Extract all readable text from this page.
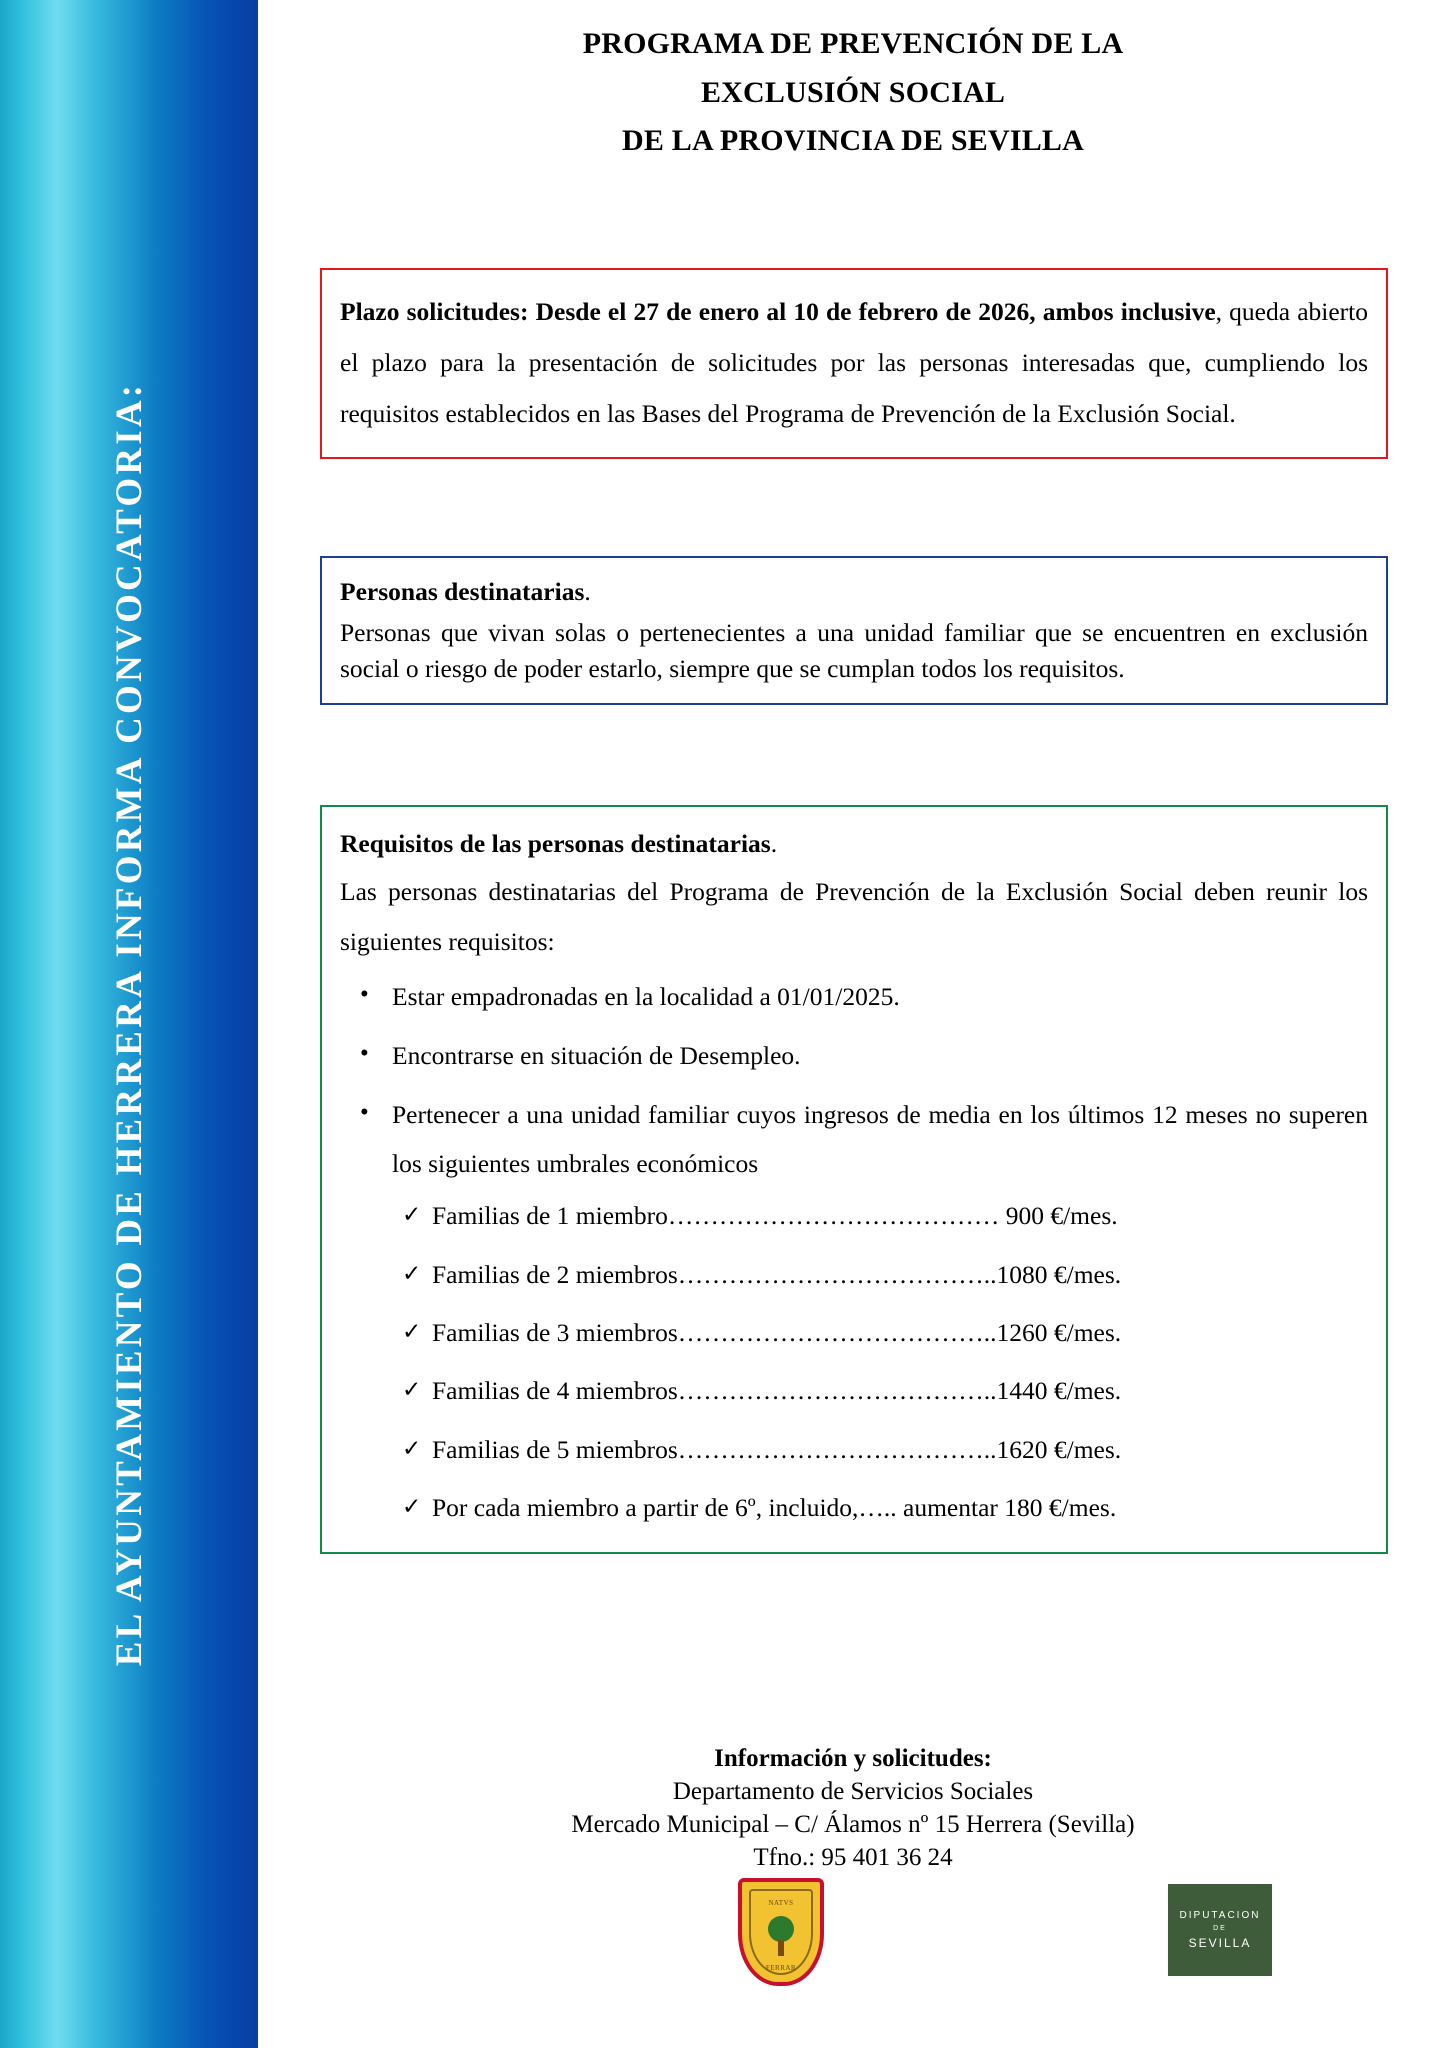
EL AYUNTAMIENTO DE HERRERA INFORMA CONVOCATORIA:
PROGRAMA DE PREVENCIÓN DE LA
EXCLUSIÓN SOCIAL
DE LA PROVINCIA DE SEVILLA

Plazo solicitudes: Desde el 27 de enero al 10 de febrero de 2026, ambos inclusive, queda abierto el plazo para la presentación de solicitudes por las personas interesadas que, cumpliendo los requisitos establecidos en las Bases del Programa de Prevención de la Exclusión Social.

Personas destinatarias.

Personas que vivan solas o pertenecientes a una unidad familiar que se encuentren en exclusión social o riesgo de poder estarlo, siempre que se cumplan todos los requisitos.

Requisitos de las personas destinatarias.

Las personas destinatarias del Programa de Prevención de la Exclusión Social deben reunir los siguientes requisitos:

• Estar empadronadas en la localidad a 01/01/2025.
• Encontrarse en situación de Desempleo.
• Pertenecer a una unidad familiar cuyos ingresos de media en los últimos 12 meses no superen los siguientes umbrales económicos
✓ Familias de 1 miembro………………………………… 900 €/mes.
✓ Familias de 2 miembros………………………………..1080 €/mes.
✓ Familias de 3 miembros………………………………..1260 €/mes.
✓ Familias de 4 miembros………………………………..1440 €/mes.
✓ Familias de 5 miembros………………………………..1620 €/mes.
✓ Por cada miembro a partir de 6º, incluido,….. aumentar 180 €/mes.
Información y solicitudes:
Departamento de Servicios Sociales
Mercado Municipal – C/ Álamos nº 15 Herrera (Sevilla)
Tfno.: 95 401 36 24
NATVS
FERRAR
DIPUTACION
DE
SEVILLA
